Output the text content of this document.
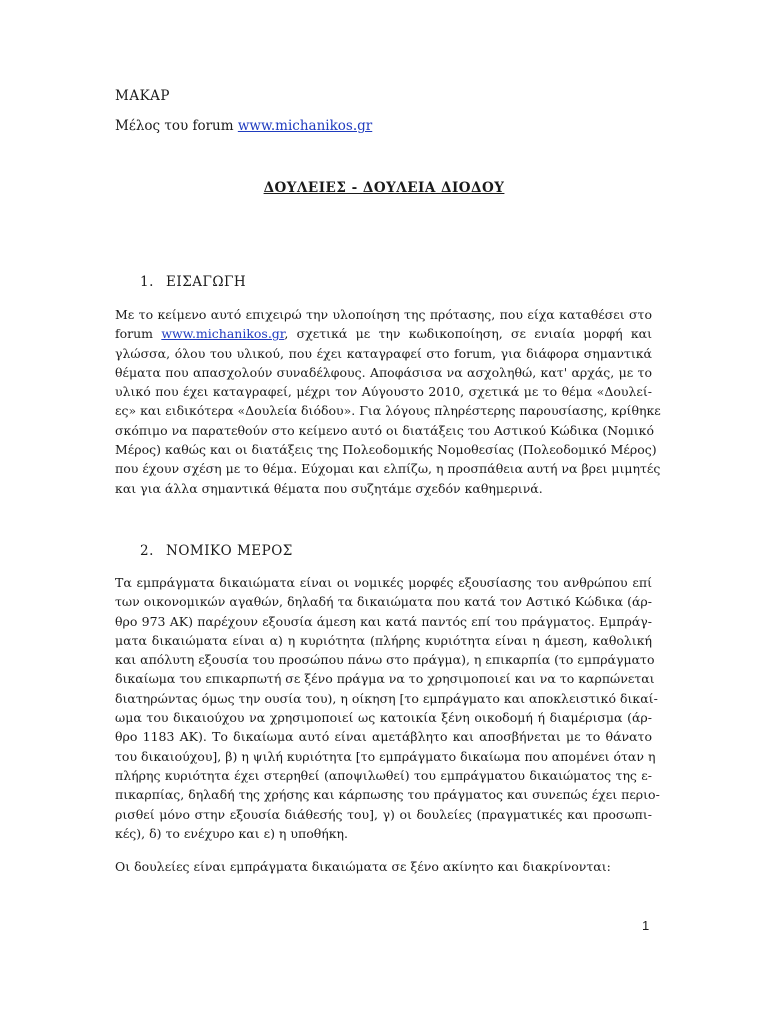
ΜΑΚΑΡ
Μέλος του forum www.michanikos.gr
ΔΟΥΛΕΙΕΣ - ΔΟΥΛΕΙΑ ΔΙΟΔΟΥ
1. ΕΙΣΑΓΩΓΗ
Με το κείμενο αυτό επιχειρώ την υλοποίηση της πρότασης, που είχα καταθέσει στο
forum www.michanikos.gr, σχετικά με την κωδικοποίηση, σε ενιαία μορφή και
γλώσσα, όλου του υλικού, που έχει καταγραφεί στο forum, για διάφορα σημαντικά
θέματα που απασχολούν συναδέλφους. Αποφάσισα να ασχοληθώ, κατ' αρχάς, με το
υλικό που έχει καταγραφεί, μέχρι τον Αύγουστο 2010, σχετικά με το θέμα «Δουλεί-
ες» και ειδικότερα «Δουλεία διόδου». Για λόγους πληρέστερης παρουσίασης, κρίθηκε
σκόπιμο να παρατεθούν στο κείμενο αυτό οι διατάξεις του Αστικού Κώδικα (Νομικό
Μέρος) καθώς και οι διατάξεις της Πολεοδομικής Νομοθεσίας (Πολεοδομικό Μέρος)
που έχουν σχέση με το θέμα. Εύχομαι και ελπίζω, η προσπάθεια αυτή να βρει μιμητές
και για άλλα σημαντικά θέματα που συζητάμε σχεδόν καθημερινά.
2. ΝΟΜΙΚΟ ΜΕΡΟΣ
Τα εμπράγματα δικαιώματα είναι οι νομικές μορφές εξουσίασης του ανθρώπου επί
των οικονομικών αγαθών, δηλαδή τα δικαιώματα που κατά τον Αστικό Κώδικα (άρ-
θρο 973 ΑΚ) παρέχουν εξουσία άμεση και κατά παντός επί του πράγματος. Εμπράγ-
ματα δικαιώματα είναι α) η κυριότητα (πλήρης κυριότητα είναι η άμεση, καθολική
και απόλυτη εξουσία του προσώπου πάνω στο πράγμα), η επικαρπία (το εμπράγματο
δικαίωμα του επικαρπωτή σε ξένο πράγμα να το χρησιμοποιεί και να το καρπώνεται
διατηρώντας όμως την ουσία του), η οίκηση [το εμπράγματο και αποκλειστικό δικαί-
ωμα του δικαιούχου να χρησιμοποιεί ως κατοικία ξένη οικοδομή ή διαμέρισμα (άρ-
θρο 1183 ΑΚ). Το δικαίωμα αυτό είναι αμετάβλητο και αποσβήνεται με το θάνατο
του δικαιούχου], β) η ψιλή κυριότητα [το εμπράγματο δικαίωμα που απομένει όταν η
πλήρης κυριότητα έχει στερηθεί (αποψιλωθεί) του εμπράγματου δικαιώματος της ε-
πικαρπίας, δηλαδή της χρήσης και κάρπωσης του πράγματος και συνεπώς έχει περιο-
ρισθεί μόνο στην εξουσία διάθεσής του], γ) οι δουλείες (πραγματικές και προσωπι-
κές), δ) το ενέχυρο και ε) η υποθήκη.
Οι δουλείες είναι εμπράγματα δικαιώματα σε ξένο ακίνητο και διακρίνονται:
1
